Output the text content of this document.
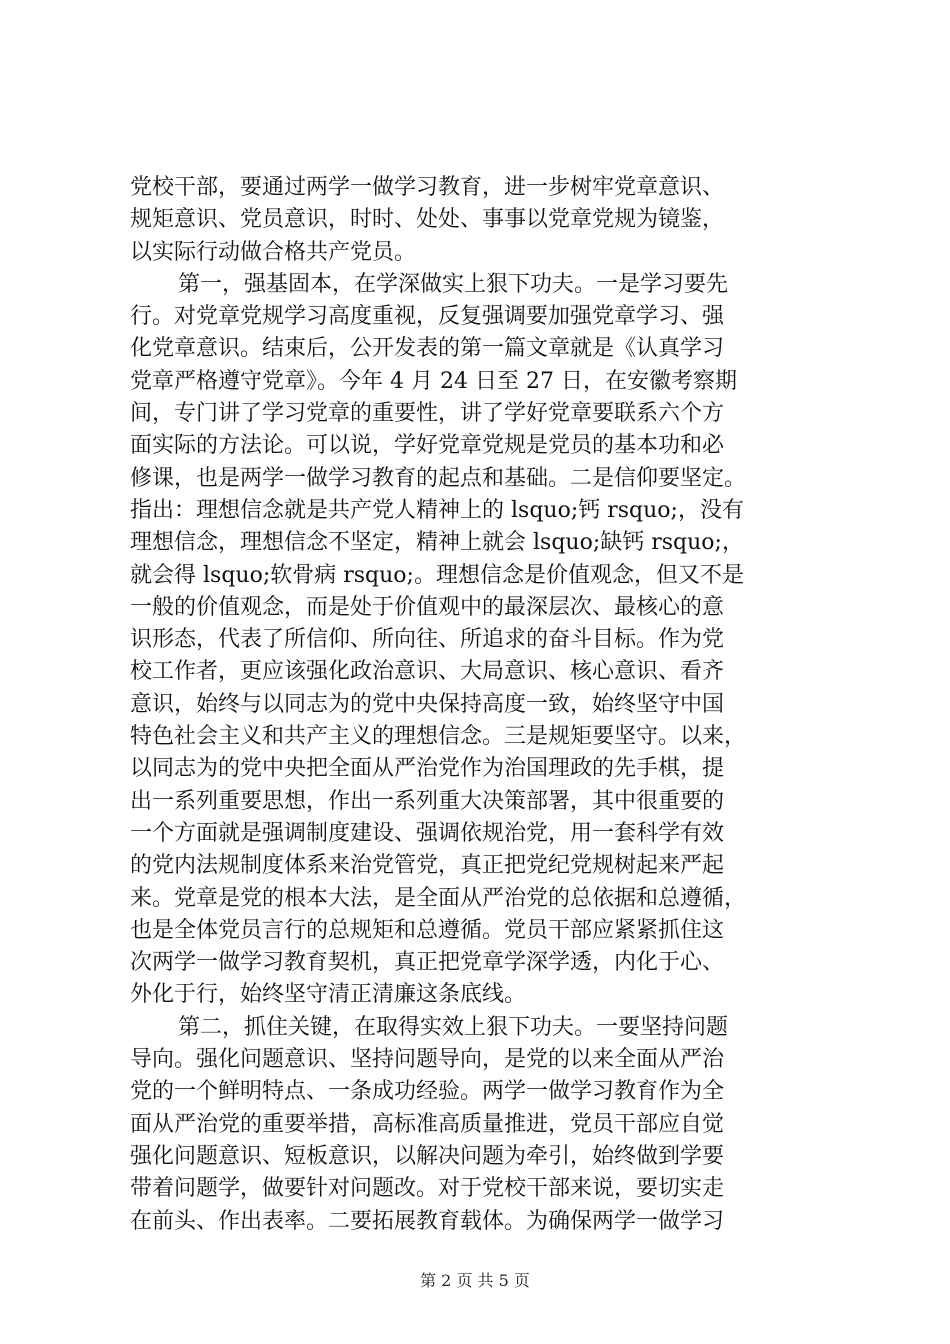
党校干部，要通过两学一做学习教育，进一步树牢党章意识、
规矩意识、党员意识，时时、处处、事事以党章党规为镜鉴，
以实际行动做合格共产党员。
第一，强基固本，在学深做实上狠下功夫。一是学习要先
行。对党章党规学习高度重视，反复强调要加强党章学习、强
化党章意识。结束后，公开发表的第一篇文章就是《认真学习
党章严格遵守党章》。今年 4 月 24 日至 27 日，在安徽考察期
间，专门讲了学习党章的重要性，讲了学好党章要联系六个方
面实际的方法论。可以说，学好党章党规是党员的基本功和必
修课，也是两学一做学习教育的起点和基础。二是信仰要坚定。
指出：理想信念就是共产党人精神上的 lsquo;钙 rsquo;，没有
理想信念，理想信念不坚定，精神上就会 lsquo;缺钙 rsquo;，
就会得 lsquo;软骨病 rsquo;。理想信念是价值观念，但又不是
一般的价值观念，而是处于价值观中的最深层次、最核心的意
识形态，代表了所信仰、所向往、所追求的奋斗目标。作为党
校工作者，更应该强化政治意识、大局意识、核心意识、看齐
意识，始终与以同志为的党中央保持高度一致，始终坚守中国
特色社会主义和共产主义的理想信念。三是规矩要坚守。以来，
以同志为的党中央把全面从严治党作为治国理政的先手棋，提
出一系列重要思想，作出一系列重大决策部署，其中很重要的
一个方面就是强调制度建设、强调依规治党，用一套科学有效
的党内法规制度体系来治党管党，真正把党纪党规树起来严起
来。党章是党的根本大法，是全面从严治党的总依据和总遵循，
也是全体党员言行的总规矩和总遵循。党员干部应紧紧抓住这
次两学一做学习教育契机，真正把党章学深学透，内化于心、
外化于行，始终坚守清正清廉这条底线。
第二，抓住关键，在取得实效上狠下功夫。一要坚持问题
导向。强化问题意识、坚持问题导向，是党的以来全面从严治
党的一个鲜明特点、一条成功经验。两学一做学习教育作为全
面从严治党的重要举措，高标准高质量推进，党员干部应自觉
强化问题意识、短板意识，以解决问题为牵引，始终做到学要
带着问题学，做要针对问题改。对于党校干部来说，要切实走
在前头、作出表率。二要拓展教育载体。为确保两学一做学习
第 2 页 共 5 页
